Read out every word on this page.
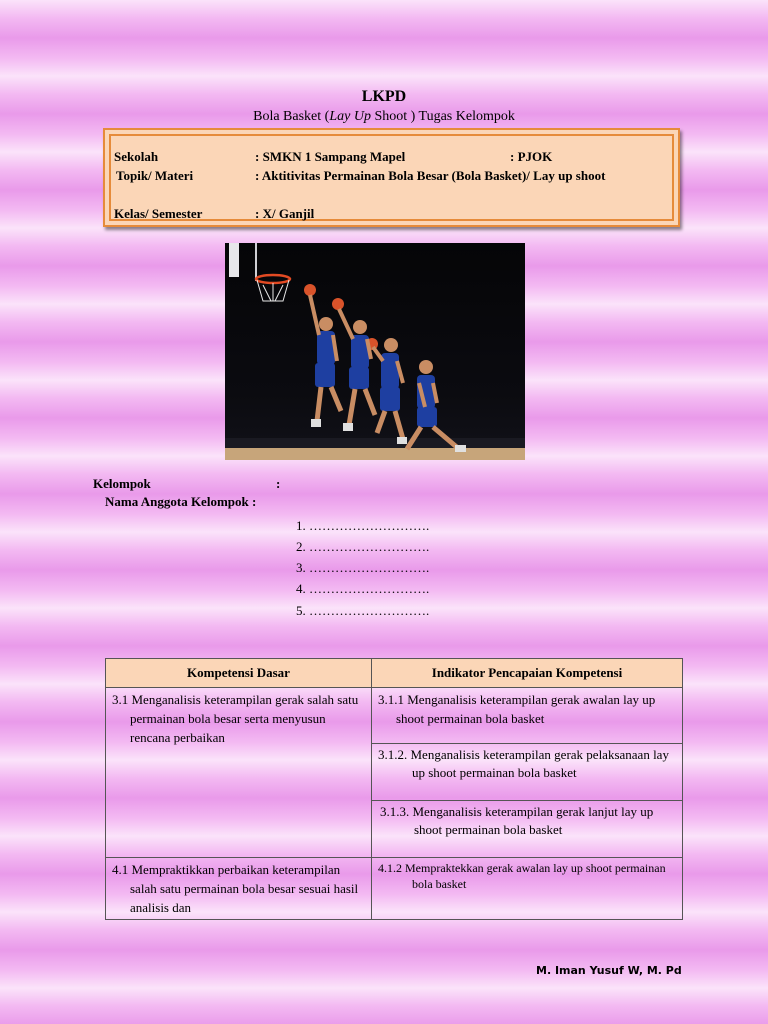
LKPD
Bola Basket (Lay Up Shoot ) Tugas Kelompok
Sekolah	: SMKN 1 Sampang Mapel	: PJOK
Topik/ Materi	: Aktitivitas Permainan Bola Besar (Bola Basket)/ Lay up shoot
Kelas/ Semester	: X/ Ganjil
Kelompok	:
Nama Anggota Kelompok :
1. ……………………….
2. ……………………….
3. ……………………….
4. ……………………….
5. ……………………….
Kompetensi Dasar	Indikator Pencapaian Kompetensi

3.1 Menganalisis keterampilan gerak salah satu permainan bola besar serta menyusun rencana perbaikan	3.1.1 Menganalisis keterampilan gerak awalan lay up shoot permainan bola basket

	3.1.2. Menganalisis keterampilan gerak pelaksanaan lay up shoot permainan bola basket

	3.1.3. Menganalisis keterampilan gerak lanjut lay up shoot permainan bola basket

4.1 Mempraktikkan perbaikan keterampilan salah satu permainan bola besar sesuai hasil analisis dan	4.1.2 Mempraktekkan gerak awalan lay up shoot permainan bola basket
M. Iman Yusuf W, M. Pd
